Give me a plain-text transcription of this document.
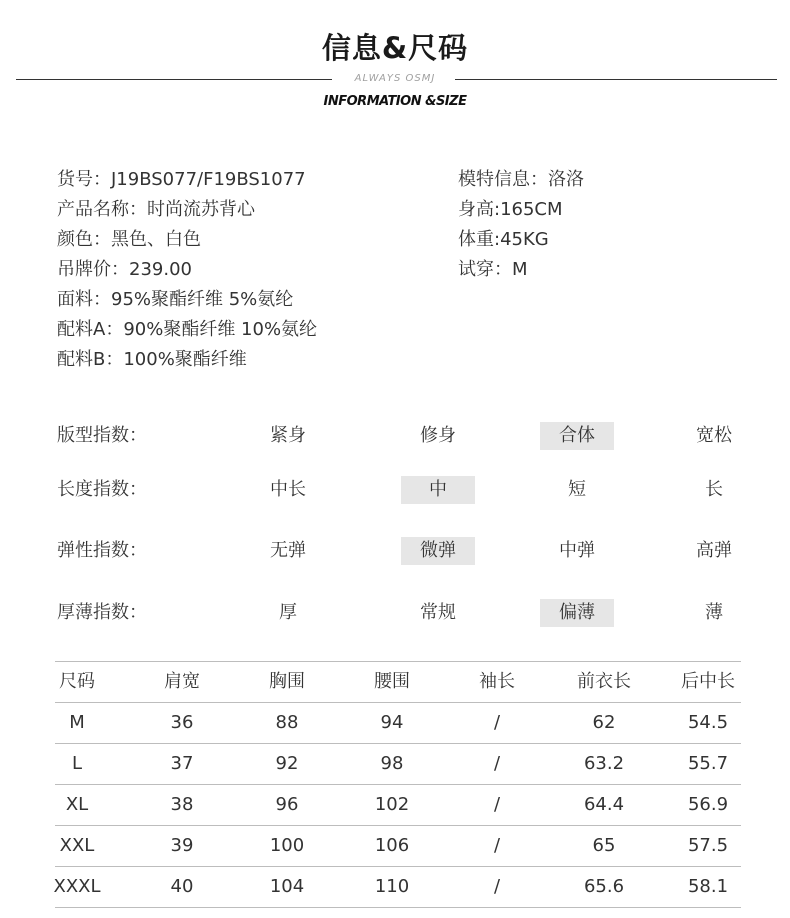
信息&尺码
ALWAYS OSMJ
INFORMATION &SIZE
货号：J19BS077/F19BS1077
产品名称：时尚流苏背心
颜色：黑色、白色
吊牌价：239.00
面料：95%聚酯纤维 5%氨纶
配料A：90%聚酯纤维 10%氨纶
配料B：100%聚酯纤维
模特信息：洛洛
身高:165CM
体重:45KG
试穿：M
版型指数：	紧身	修身	合体	宽松
长度指数：	中长	中	短	长
弹性指数：	无弹	微弹	中弹	高弹
厚薄指数：	厚	常规	偏薄	薄
尺码	肩宽	胸围	腰围	袖长	前衣长	后中长
M	36	88	94	/	62	54.5
L	37	92	98	/	63.2	55.7
XL	38	96	102	/	64.4	56.9
XXL	39	100	106	/	65	57.5
XXXL	40	104	110	/	65.6	58.1
